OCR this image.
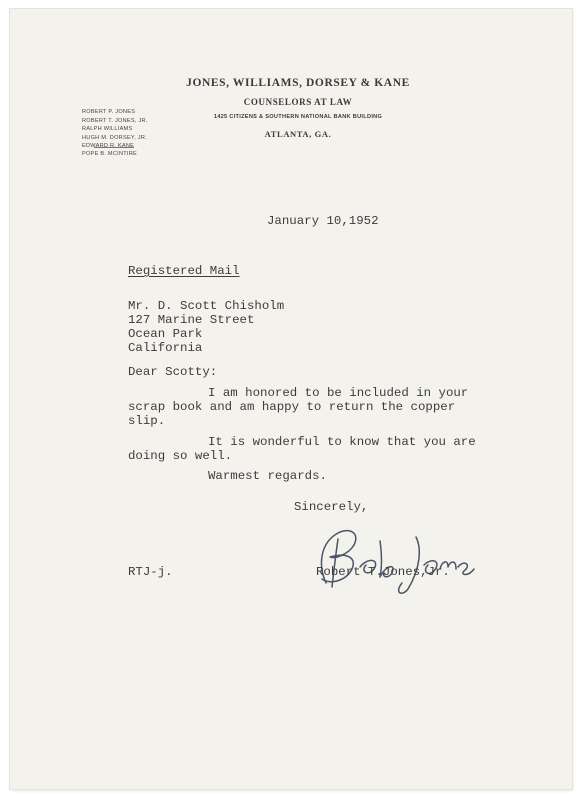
JONES, WILLIAMS, DORSEY & KANE
COUNSELORS AT LAW
1425 CITIZENS & SOUTHERN NATIONAL BANK BUILDING
ATLANTA, GA.
ROBERT P. JONES
ROBERT T. JONES, JR.
RALPH WILLIAMS
HUGH M. DORSEY, JR.
EDWARD R. KANE
POPE B. MCINTIRE
January 10,1952
Registered Mail
Mr. D. Scott Chisholm
127 Marine Street
Ocean Park
California
Dear Scotty:
I am honored to be included in your
scrap book and am happy to return the copper
slip.
It is wonderful to know that you are
doing so well.
Warmest regards.
Sincerely,
RTJ-j.	Robert T.Jones,Jr.
